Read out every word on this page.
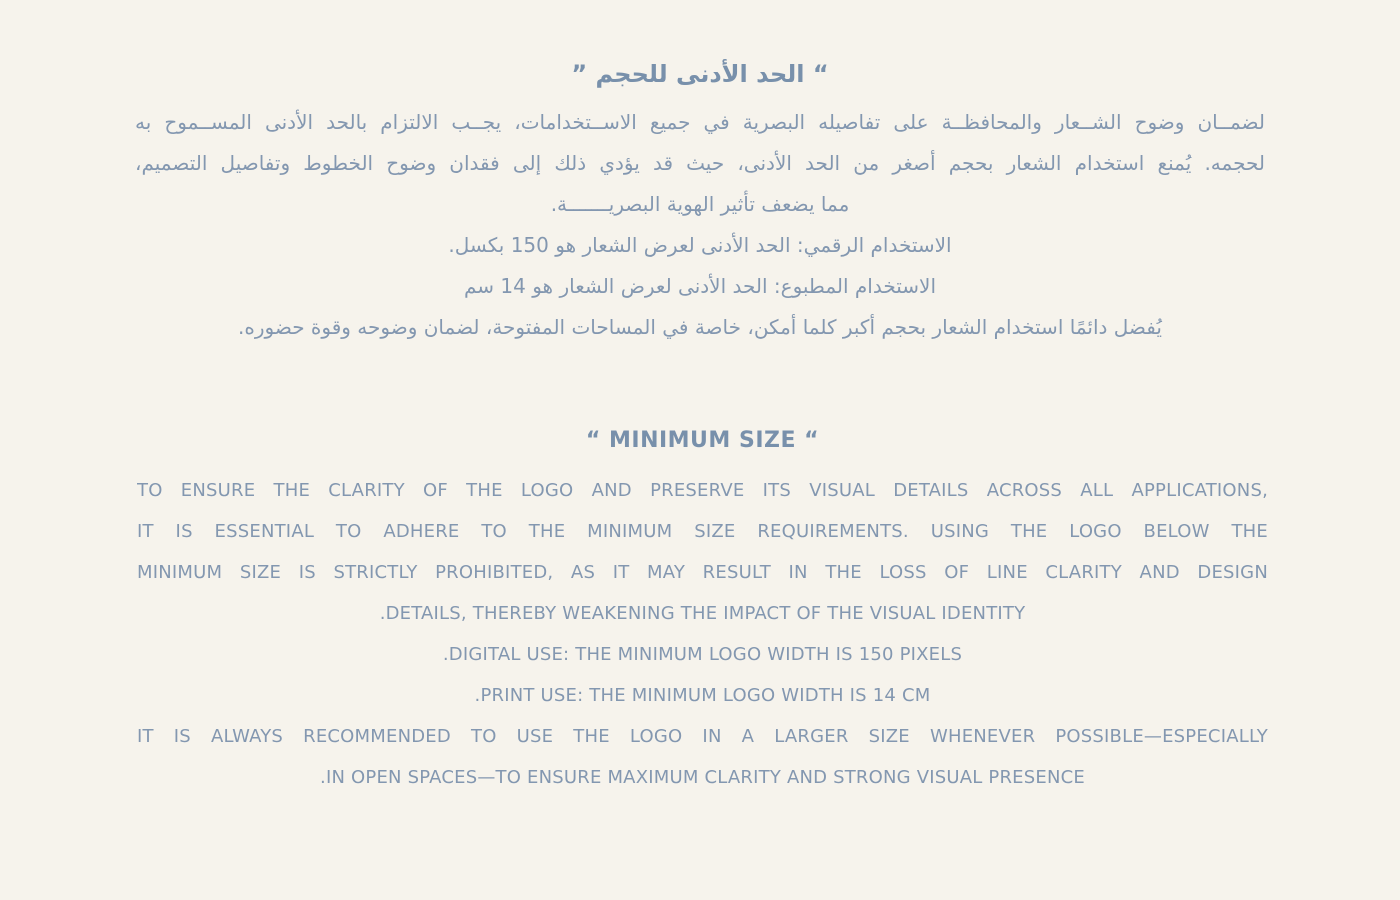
“ الحد الأدنى للحجم ”
لضمــان وضوح الشــعار والمحافظــة على تفاصيله البصرية في جميع الاســتخدامات، يجــب الالتزام بالحد الأدنى المســموح به
لحجمه. يُمنع استخدام الشعار بحجم أصغر من الحد الأدنى، حيث قد يؤدي ذلك إلى فقدان وضوح الخطوط وتفاصيل التصميم،
مما يضعف تأثير الهوية البصريـــــــة.
الاستخدام الرقمي: الحد الأدنى لعرض الشعار هو 150 بكسل.
الاستخدام المطبوع: الحد الأدنى لعرض الشعار هو 14 سم
يُفضل دائمًا استخدام الشعار بحجم أكبر كلما أمكن، خاصة في المساحات المفتوحة، لضمان وضوحه وقوة حضوره.
“ MINIMUM SIZE “
TO ENSURE THE CLARITY OF THE LOGO AND PRESERVE ITS VISUAL DETAILS ACROSS ALL APPLICATIONS,
IT IS ESSENTIAL TO ADHERE TO THE MINIMUM SIZE REQUIREMENTS. USING THE LOGO BELOW THE
MINIMUM SIZE IS STRICTLY PROHIBITED, AS IT MAY RESULT IN THE LOSS OF LINE CLARITY AND DESIGN
.DETAILS, THEREBY WEAKENING THE IMPACT OF THE VISUAL IDENTITY
.DIGITAL USE: THE MINIMUM LOGO WIDTH IS 150 PIXELS
.PRINT USE: THE MINIMUM LOGO WIDTH IS 14 CM
IT IS ALWAYS RECOMMENDED TO USE THE LOGO IN A LARGER SIZE WHENEVER POSSIBLE—ESPECIALLY
.IN OPEN SPACES—TO ENSURE MAXIMUM CLARITY AND STRONG VISUAL PRESENCE
